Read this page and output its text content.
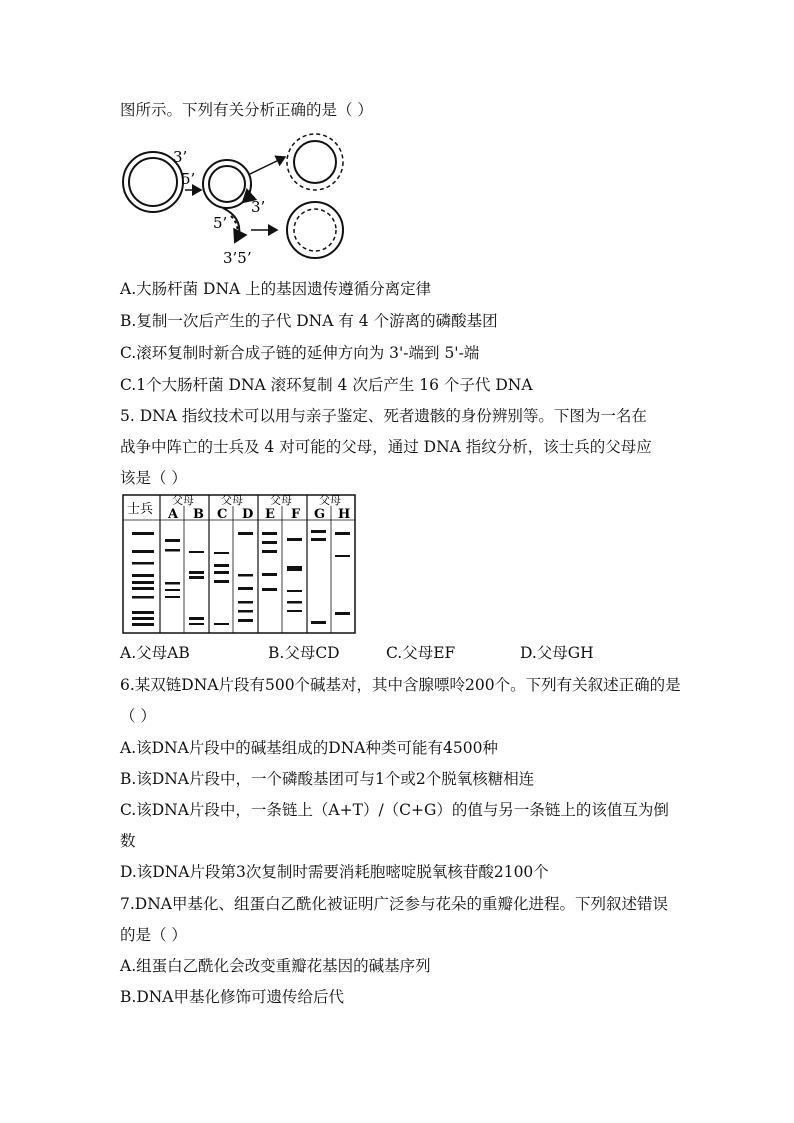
图所示。下列有关分析正确的是（ ）
3’
5’
3’
5’
3’5’
A.大肠杆菌 DNA 上的基因遗传遵循分离定律
B.复制一次后产生的子代 DNA 有 4 个游离的磷酸基团
C.滚环复制时新合成子链的延伸方向为 3'-端到 5'-端
C.1个大肠杆菌 DNA 滚环复制 4 次后产生 16 个子代 DNA
5. DNA 指纹技术可以用与亲子鉴定、死者遗骸的身份辨别等。下图为一名在
战争中阵亡的士兵及 4 对可能的父母，通过 DNA 指纹分析，该士兵的父母应
该是（ ）
士兵
父母 父母 父母 父母
A B C D E F G H
A.父母AB	B.父母CD	C.父母EF	D.父母GH
6.某双链DNA片段有500个碱基对，其中含腺嘌呤200个。下列有关叙述正确的是
（ ）
A.该DNA片段中的碱基组成的DNA种类可能有4500种
B.该DNA片段中，一个磷酸基团可与1个或2个脱氧核糖相连
C.该DNA片段中，一条链上（A+T）/（C+G）的值与另一条链上的该值互为倒
数
D.该DNA片段第3次复制时需要消耗胞嘧啶脱氧核苷酸2100个
7.DNA甲基化、组蛋白乙酰化被证明广泛参与花朵的重瓣化进程。下列叙述错误
的是（ ）
A.组蛋白乙酰化会改变重瓣花基因的碱基序列
B.DNA甲基化修饰可遗传给后代
